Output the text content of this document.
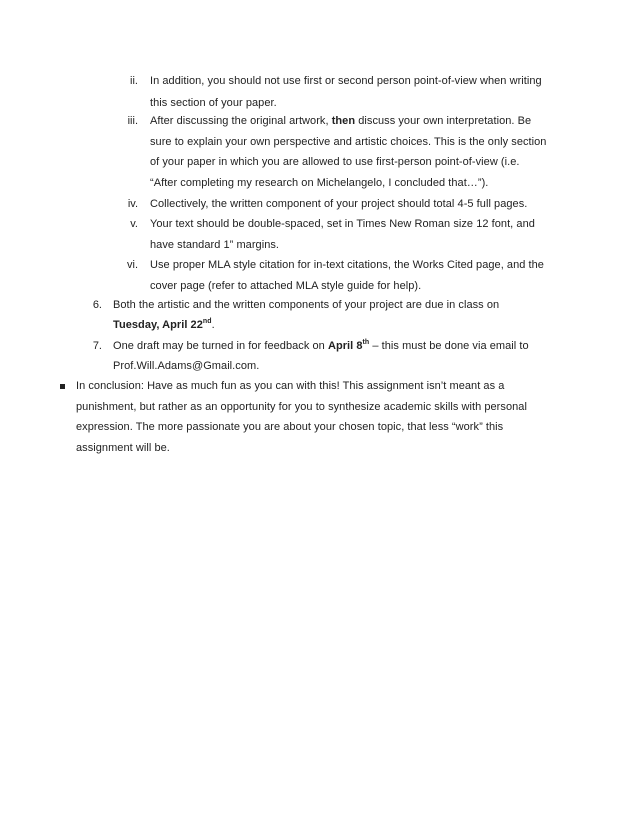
ii. In addition, you should not use first or second person point-of-view when writing
this section of your paper.
iii. After discussing the original artwork, then discuss your own interpretation. Be
sure to explain your own perspective and artistic choices. This is the only section
of your paper in which you are allowed to use first-person point-of-view (i.e.
“After completing my research on Michelangelo, I concluded that…”).
iv. Collectively, the written component of your project should total 4-5 full pages.
v. Your text should be double-spaced, set in Times New Roman size 12 font, and
have standard 1” margins.
vi. Use proper MLA style citation for in-text citations, the Works Cited page, and the
cover page (refer to attached MLA style guide for help).
6. Both the artistic and the written components of your project are due in class on
Tuesday, April 22nd.
7. One draft may be turned in for feedback on April 8th – this must be done via email to
Prof.Will.Adams@Gmail.com.
In conclusion: Have as much fun as you can with this! This assignment isn’t meant as a
punishment, but rather as an opportunity for you to synthesize academic skills with personal
expression. The more passionate you are about your chosen topic, that less “work” this
assignment will be.
